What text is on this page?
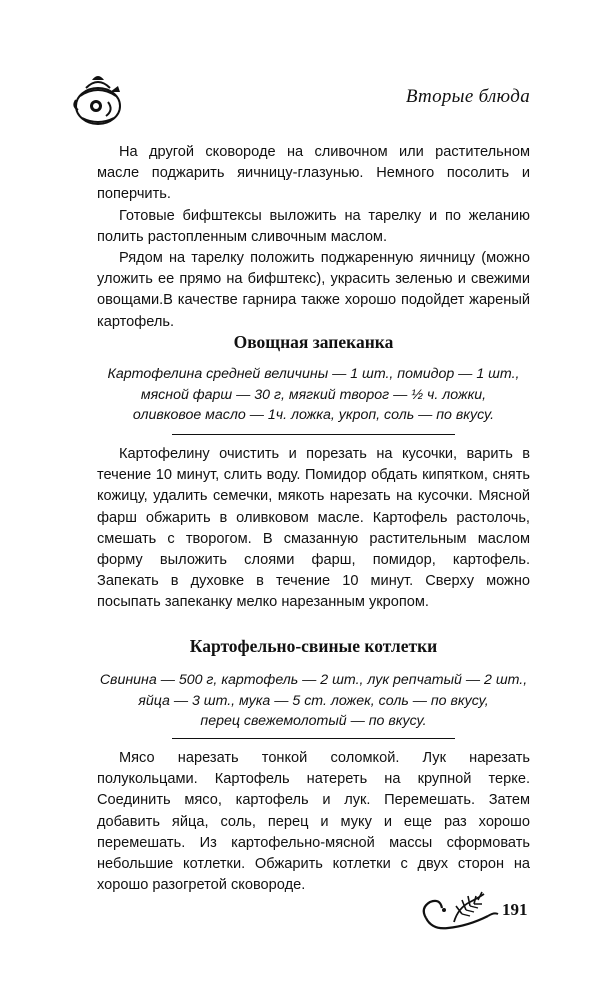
Вторые блюда

На другой сковороде на сливочном или растительном масле поджарить яичницу-глазунью. Немного посолить и поперчить.

Готовые бифштексы выложить на тарелку и по желанию полить растопленным сливочным маслом.

Рядом на тарелку положить поджаренную яичницу (можно уложить ее прямо на бифштекс), украсить зеленью и свежими овощами.В качестве гарнира также хорошо подойдет жареный картофель.

Овощная запеканка

Картофелина средней величины — 1 шт., помидор — 1 шт.,

мясной фарш — 30 г, мягкий творог — ½ ч. ложки,

оливковое масло — 1ч. ложка, укроп, соль — по вкусу.

Картофелину очистить и порезать на кусочки, варить в течение 10 минут, слить воду. Помидор обдать кипятком, снять кожицу, удалить семечки, мякоть нарезать на кусочки. Мясной фарш обжарить в оливковом масле. Картофель растолочь, смешать с творогом. В смазанную растительным маслом форму выложить слоями фарш, помидор, картофель. Запекать в духовке в течение 10 минут. Сверху можно посыпать запеканку мелко нарезанным укропом.

Картофельно-свиные котлетки

Свинина — 500 г, картофель — 2 шт., лук репчатый — 2 шт.,

яйца — 3 шт., мука — 5 ст. ложек, соль — по вкусу,

перец свежемолотый — по вкусу.

Мясо нарезать тонкой соломкой. Лук нарезать полукольцами. Картофель натереть на крупной терке. Соединить мясо, картофель и лук. Перемешать. Затем добавить яйца, соль, перец и муку и еще раз хорошо перемешать. Из картофельно-мясной массы сформовать небольшие котлетки. Обжарить котлетки с двух сторон на хорошо разогретой сковороде.

191
